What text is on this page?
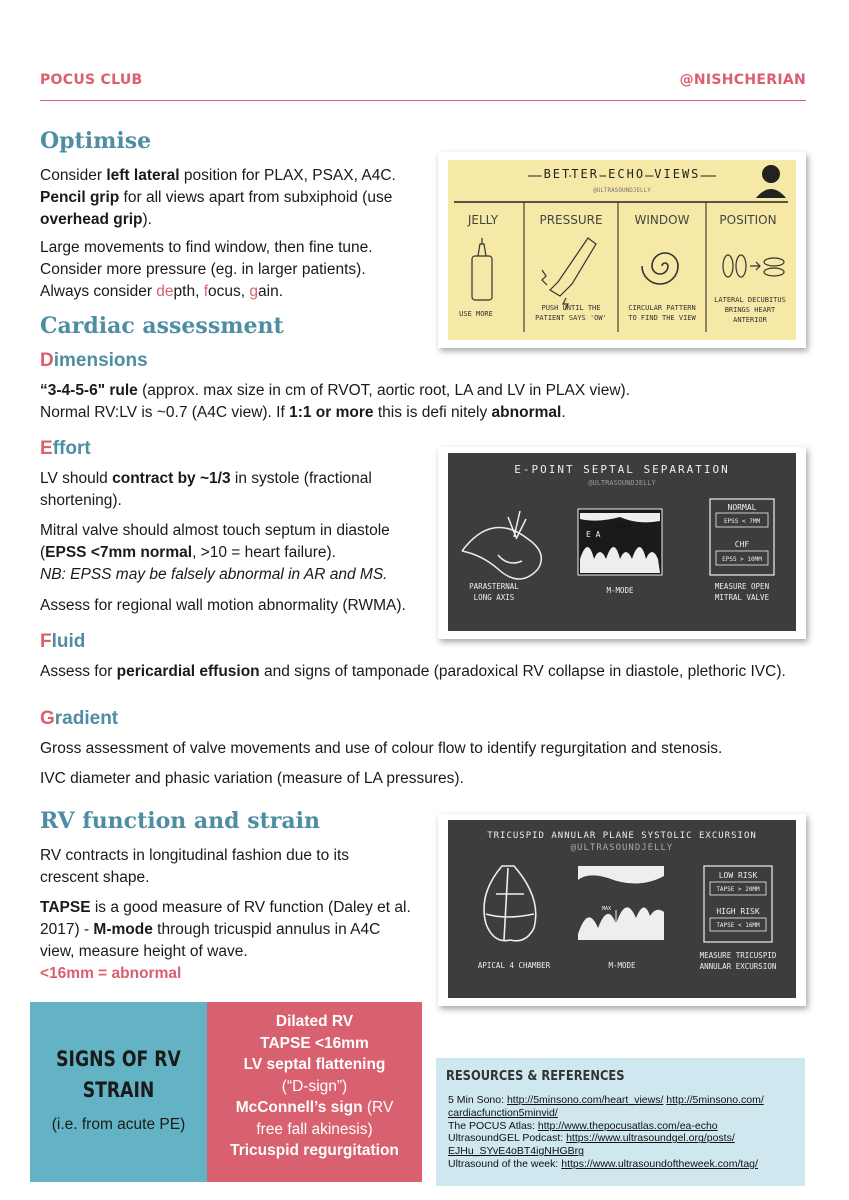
POCUS CLUB	@NISHCHERIAN
Optimise

Consider left lateral position for PLAX, PSAX, A4C.
Pencil grip for all views apart from subxiphoid (use
overhead grip).

Large movements to find window, then fine tune.
Consider more pressure (eg. in larger patients).
Always consider depth, focus, gain.

BETTER ECHO VIEWS
@ULTRASOUNDJELLY
JELLY	PRESSURE	WINDOW POSITION
USE MORE
PUSH UNTIL THE
PATIENT SAYS 'OW'
CIRCULAR PATTERN
TO FIND THE VIEW
LATERAL DECUBITUS
BRINGS HEART
ANTERIOR
Cardiac assessment
Dimensions

“3-4-5-6" rule (approx. max size in cm of RVOT, aortic root, LA and LV in PLAX view).
Normal RV:LV is ~0.7 (A4C view). If 1:1 or more this is defi nitely abnormal.

Effort

LV should contract by ~1/3 in systole (fractional
shortening).

Mitral valve should almost touch septum in diastole
(EPSS <7mm normal, >10 = heart failure).
NB: EPSS may be falsely abnormal in AR and MS.

Assess for regional wall motion abnormality (RWMA).

E-POINT SEPTAL SEPARATION
@ULTRASOUNDJELLY
E A
SEPTUM
NORMAL
EPSS < 7MM
CHF
EPSS > 10MM
PARASTERNAL
LONG AXIS
M-MODE	MEASURE OPEN
MITRAL VALVE
Fluid

Assess for pericardial effusion and signs of tamponade (paradoxical RV collapse in diastole, plethoric IVC).

Gradient

Gross assessment of valve movements and use of colour flow to identify regurgitation and stenosis.

IVC diameter and phasic variation (measure of LA pressures).

RV function and strain

RV contracts in longitudinal fashion due to its
crescent shape.

TAPSE is a good measure of RV function (Daley et al.
2017) - M-mode through tricuspid annulus in A4C
view, measure height of wave.
<16mm = abnormal

TRICUSPID ANNULAR PLANE SYSTOLIC EXCURSION
@ULTRASOUNDJELLY
MAX
MIN
LOW RISK
TAPSE > 20MM
HIGH RISK
TAPSE < 16MM
APICAL 4 CHAMBER	M-MODE
MEASURE TRICUSPID
ANNULAR EXCURSION
SIGNS OF RV
STRAIN
(i.e. from acute PE)
Dilated RV
TAPSE <16mm
LV septal flattening
(“D-sign”)
McConnell’s sign (RV
free fall akinesis)
Tricuspid regurgitation
RESOURCES & REFERENCES
5 Min Sono: http://5minsono.com/heart_views/ http://5minsono.com/
cardiacfunction5minvid/
The POCUS Atlas: http://www.thepocusatlas.com/ea-echo
UltrasoundGEL Podcast: https://www.ultrasoundgel.org/posts/
EJHu_SYvE4oBT4igNHGBrg
Ultrasound of the week: https://www.ultrasoundoftheweek.com/tag/
